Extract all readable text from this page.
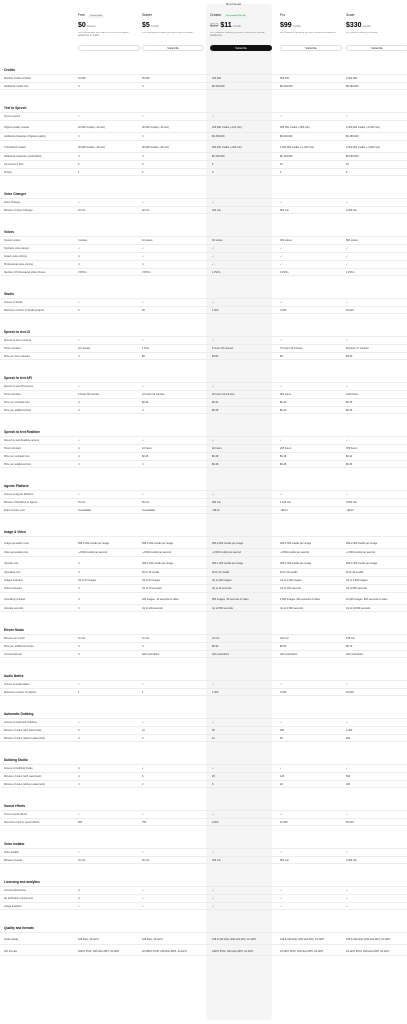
Most Popular
Free	Current plan
$0 /forever
For individuals who want to try out the latest advances in audio.
Starter
$5 /month
For hobbyists creating projects with AI audio.
Subscribe
Creator	First month 50% off
$22 $11 /month
For creators making premium content for global audiences.
Subscribe
Pro
$99 /month
For creators ramping up their content production.
Subscribe
Scale
$330 /month
For teams creating at scale.
Subscribe
Credits
Monthly credits included	10,000	30,000	100,000	500,000	2,000,000
Additional credits cost	✕	✕	$0.30/1000	$0.24/1000	$0.18/1000
Text to Speech
Text to speech	✓	✓	✓	✓	✓
Highest quality models	10,000 credits (~10 min)	30,000 credits (~30 min)	100,000 credits (~100 min)	500,000 credits (~500 min)	2,000,000 credits (~2,000 min)
Additional characters (highest quality)	✕	✕	$0.30/1000	$0.24/1000	$0.18/1000
Turbo/Flash models	20,000 credits (~20 min)	60,000 credits (~60 min)	200,000 credits (~200 min)	1,000,000 credits (~1,000 min)	4,000,000 credits (~4,000 min)
Additional characters (turbo/flash)	✕	✕	$0.15/1000	$0.12/1000	$0.09/1000
Concurrency limit	2	3	5	10	15
Priority	1	2	3	4	5
Voice Changer
Voice Changer	✓	✓	✓	✓	✓
Minutes of Voice Changer	10 min	30 min	100 min	500 min	2,000 min
Voices
Custom voices	3 voices	10 voices	30 voices	160 voices	660 voices
Synthetic voice design	✓	✓	✓	✓	✓
Instant voice cloning	✕	✓	✓	✓	✓
Professional voice cloning	✕	✕	✓	✓	✓
Number of Professional Voice Clones	0 PVCs	0 PVCs	1 PVCs	1 PVCs	1 PVCs
Studio
Access to Studio	✓	✓	✓	✓	✓
Maximum number of Studio projects	3	20	1,000	3,000	20,000
Speech to text UI
Speech to text ui access	✓	✓	✓	✓	✓
Hours included	12 minutes	1 hour	5 hours 33 minutes	37 hours 43 minutes	84 hours 17 minutes
Price per hour included	✕	$5	$4.80	$4	$3.90
Speech to text API
Speech to text API access	✓	✓	✓	✓	✓
Hours included	2 hours 30 minutes	12 hours 30 minutes	62 hours 30 minutes	300 hours	1100 hours
Price per included hour	✕	$0.40	$0.40	$0.40	$0.30
Price per additional hour	✕	✕	$0.48	$0.40	$0.33
Speech to text Realtime
Speech to text Realtime access	✓	✓	✓	✓	✓
Hours included	✕	10 hours	40 hours	225 hours	786 hours
Price per included hour	✕	$0.48	$0.48	$0.48	$0.42
Price per additional hour	✕	✕	$0.48	$0.48	$0.46
Agents Platform
Access to Agents Platform	✓	✓	✓	✓	✓
Minutes of Realtime AI Agents	15 min	50 min	250 min	1,100 min	3,600 min
Extra minutes cost	Unavailable	Unavailable	~$0.12	~$0.12	~$0.12
Image & Video
Image generation cost	250-2,000 credits per image	250-2,000 credits per image	250-2,000 credits per image	250-2,000 credits per image	250-2,000 credits per image
Video generation cost	~2,500 credits per second	~2,500 credits per second	~2,500 credits per second	~2,500 credits per second	~2,500 credits per second
Upscale cost	✕	250-1,000 credits per image	250-1,000 credits per image	250-1,000 credits per image	250-1,000 credits per image
Upscaling cost	✕	From 20 credits	From 20 credits	From 20 credits	From 20 credits
Images included	Up to 20 images	Up to 60 images	Up to 200 images	Up to 1,000 images	Up to 4,000 images
Videos included	✕	Up to 10 seconds	Up to 40 seconds	Up to 200 seconds	Up to 800 seconds
Upscaling included	✕	100 images, 10 seconds of video	500 images, 40 seconds of video	2,500 images, 200 seconds of video	10,000 images, 800 seconds of video
Upscale seconds	✕	Up to 100 seconds	Up to 500 seconds	Up to 2,500 seconds	Up to 10,000 seconds
Eleven Music
Minutes per month	11 min	11 min	22 min	110 min	165 min
Price per additional minute	✕	✕	$0.90	$0.90	$0.70
Commercial use	✕	with restrictions	with restrictions	with restrictions	with restrictions
Audio Native
Access to Audio Native	✓	✓	✓	✓	✓
Maximum number of projects	1	1	1,000	3,000	20,000
Automatic Dubbing
Access to Automatic Dubbing	✓	✓	✓	✓	✓
Minutes of video (with watermark)	3	12	50	250	1,000
Minutes of video (without watermark)	✕	3	12	50	250
Dubbing Studio
Access to Dubbing Studio	✕	✓	✓	✓	✓
Minutes of video (with watermark)	✕	6	25	125	500
Minutes of video (without watermark)	✕	2	8	40	160
Sound effects
Text to sound effects	✓	✓	✓	✓	✓
Seconds of text to sound effects	200	750	2,500	12,500	50,000
Voice Isolator
Voice Isolator	✓	✓	✓	✓	✓
Minutes of audio	10 min	30 min	100 min	500 min	2,000 min
Licensing and analytics
Commercial license	✕	✓	✓	✓	✓
No attribution requirement	✕	✓	✓	✓	✓
Usage analytics	✓	✓	✓	✓	✓
Quality and formats
Audio quality	128 kbps, 44.1kHz	128 kbps, 44.1kHz	128 & 192 kbps (192 with API), 44.1kHz	128 & 192 kbps (192 with API), 44.1kHz	128 & 192 kbps (192 with API), 44.1kHz
API formats	16kHz PCM, 128 kbps MP3, 44.1kHz	22.05kHz PCM, 128 kbps MP3, 44.1kHz	24kHz PCM, 192 kbps MP3, 44.1kHz	44.1kHz PCM, 192 kbps MP3, 44.1kHz	44.1kHz PCM, 192 kbps MP3, 44.1kHz
